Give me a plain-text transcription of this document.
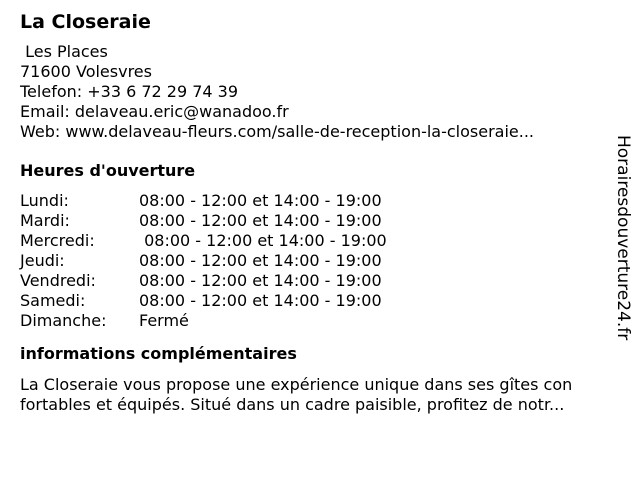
La Closeraie
Les Places
71600 Volesvres
Telefon: +33 6 72 29 74 39
Email: delaveau.eric@wanadoo.fr
Web: www.delaveau-fleurs.com/salle-de-reception-la-closeraie...
Heures d'ouverture
Lundi:	08:00 - 12:00 et 14:00 - 19:00
Mardi:	08:00 - 12:00 et 14:00 - 19:00
Mercredi:	08:00 - 12:00 et 14:00 - 19:00
Jeudi:	08:00 - 12:00 et 14:00 - 19:00
Vendredi:	08:00 - 12:00 et 14:00 - 19:00
Samedi:	08:00 - 12:00 et 14:00 - 19:00
Dimanche:	Fermé
informations complémentaires
La Closeraie vous propose une expérience unique dans ses gîtes con fortables et équipés. Situé dans un cadre paisible, profitez de notr...
Horairesdouverture24.fr
